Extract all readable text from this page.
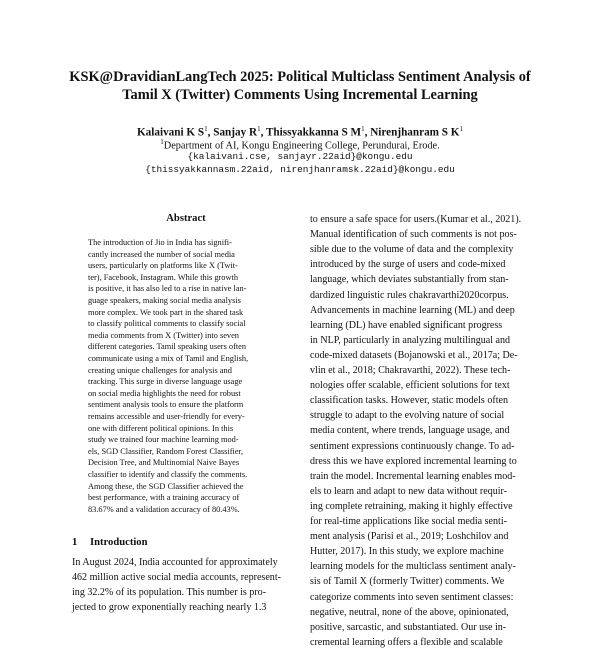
KSK@DravidianLangTech 2025: Political Multiclass Sentiment Analysis of
Tamil X (Twitter) Comments Using Incremental Learning
Kalaivani K $S^1$, Sanjay $R^1$, Thissyakkanna S $M^1$, Nirenjhanram S $K^1$
$^1$Department of AI, Kongu Engineering College, Perundurai, Erode.
{kalaivani.cse, sanjayr.22aid}@kongu.edu
{thissyakkannasm.22aid, nirenjhanramsk.22aid}@kongu.edu
Abstract
The introduction of Jio in India has signifi-
cantly increased the number of social media
users, particularly on platforms like X (Twit-
ter), Facebook, Instagram. While this growth
is positive, it has also led to a rise in native lan-
guage speakers, making social media analysis
more complex. We took part in the shared task
to classify political comments to classify social
media comments from X (Twitter) into seven
different categories. Tamil speaking users often
communicate using a mix of Tamil and English,
creating unique challenges for analysis and
tracking. This surge in diverse language usage
on social media highlights the need for robust
sentiment analysis tools to ensure the platform
remains accessible and user-friendly for every-
one with different political opinions. In this
study we trained four machine learning mod-
els, SGD Classifier, Random Forest Classifier,
Decision Tree, and Multinomial Naive Bayes
classifier to identify and classify the comments.
Among these, the SGD Classifier achieved the
best performance, with a training accuracy of
83.67% and a validation accuracy of 80.43%.
1 Introduction
In August 2024, India accounted for approximately
462 million active social media accounts, represent-
ing 32.2% of its population. This number is pro-
jected to grow exponentially reaching nearly 1.3
to ensure a safe space for users.(Kumar et al., 2021).
Manual identification of such comments is not pos-
sible due to the volume of data and the complexity
introduced by the surge of users and code-mixed
language, which deviates substantially from stan-
dardized linguistic rules chakravarthi2020corpus.
Advancements in machine learning (ML) and deep
learning (DL) have enabled significant progress
in NLP, particularly in analyzing multilingual and
code-mixed datasets (Bojanowski et al., 2017a; De-
vlin et al., 2018; Chakravarthi, 2022). These tech-
nologies offer scalable, efficient solutions for text
classification tasks. However, static models often
struggle to adapt to the evolving nature of social
media content, where trends, language usage, and
sentiment expressions continuously change. To ad-
dress this we have explored incremental learning to
train the model. Incremental learning enables mod-
els to learn and adapt to new data without requir-
ing complete retraining, making it highly effective
for real-time applications like social media senti-
ment analysis (Parisi et al., 2019; Loshchilov and
Hutter, 2017). In this study, we explore machine
learning models for the multiclass sentiment analy-
sis of Tamil X (formerly Twitter) comments. We
categorize comments into seven sentiment classes:
negative, neutral, none of the above, opinionated,
positive, sarcastic, and substantiated. Our use in-
cremental learning offers a flexible and scalable
